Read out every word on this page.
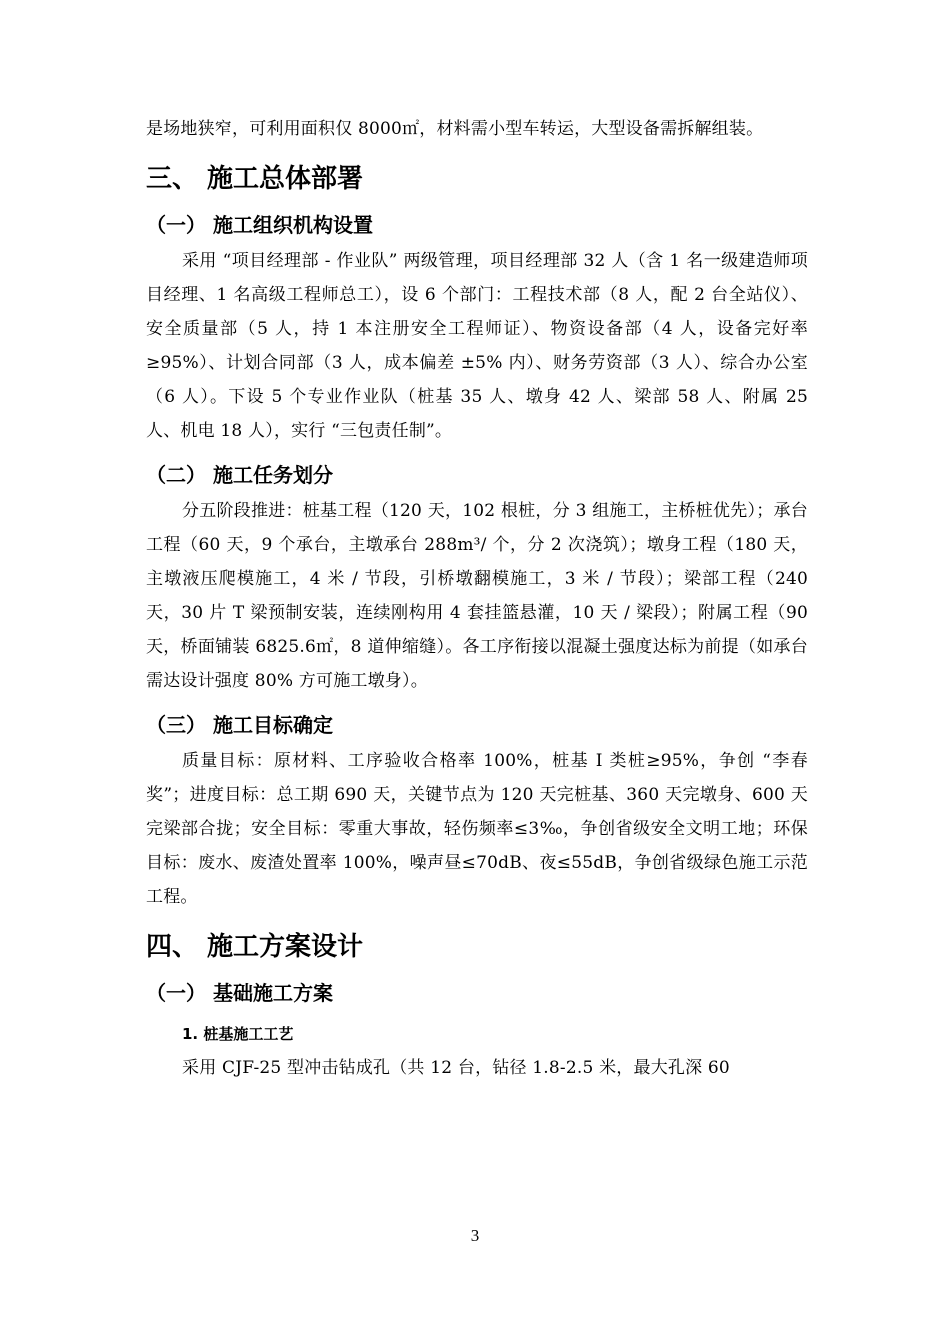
是场地狭窄，可利用面积仅 8000㎡，材料需小型车转运，大型设备需拆解组装。

三、 施工总体部署
（一） 施工组织机构设置

采用 “项目经理部 - 作业队” 两级管理，项目经理部 32 人（含 1 名一级建造师项目经理、1 名高级工程师总工），设 6 个部门：工程技术部（8 人，配 2 台全站仪）、安全质量部（5 人，持 1 本注册安全工程师证）、物资设备部（4 人，设备完好率≥95%）、计划合同部（3 人，成本偏差 ±5% 内）、财务劳资部（3 人）、综合办公室（6 人）。下设 5 个专业作业队（桩基 35 人、墩身 42 人、梁部 58 人、附属 25 人、机电 18 人），实行 “三包责任制”。

（二） 施工任务划分

分五阶段推进：桩基工程（120 天，102 根桩，分 3 组施工，主桥桩优先）；承台工程（60 天，9 个承台，主墩承台 288m³/ 个，分 2 次浇筑）；墩身工程（180 天，主墩液压爬模施工，4 米 / 节段，引桥墩翻模施工，3 米 / 节段）；梁部工程（240 天，30 片 T 梁预制安装，连续刚构用 4 套挂篮悬灌，10 天 / 梁段）；附属工程（90 天，桥面铺装 6825.6㎡，8 道伸缩缝）。各工序衔接以混凝土强度达标为前提（如承台需达设计强度 80% 方可施工墩身）。

（三） 施工目标确定

质量目标：原材料、工序验收合格率 100%，桩基 I 类桩≥95%，争创 “李春奖”；进度目标：总工期 690 天，关键节点为 120 天完桩基、360 天完墩身、600 天完梁部合拢；安全目标：零重大事故，轻伤频率≤3‰，争创省级安全文明工地；环保目标：废水、废渣处置率 100%，噪声昼≤70dB、夜≤55dB，争创省级绿色施工示范工程。

四、 施工方案设计
（一） 基础施工方案
1. 桩基施工工艺

采用 CJF-25 型冲击钻成孔（共 12 台，钻径 1.8-2.5 米，最大孔深 60

3
